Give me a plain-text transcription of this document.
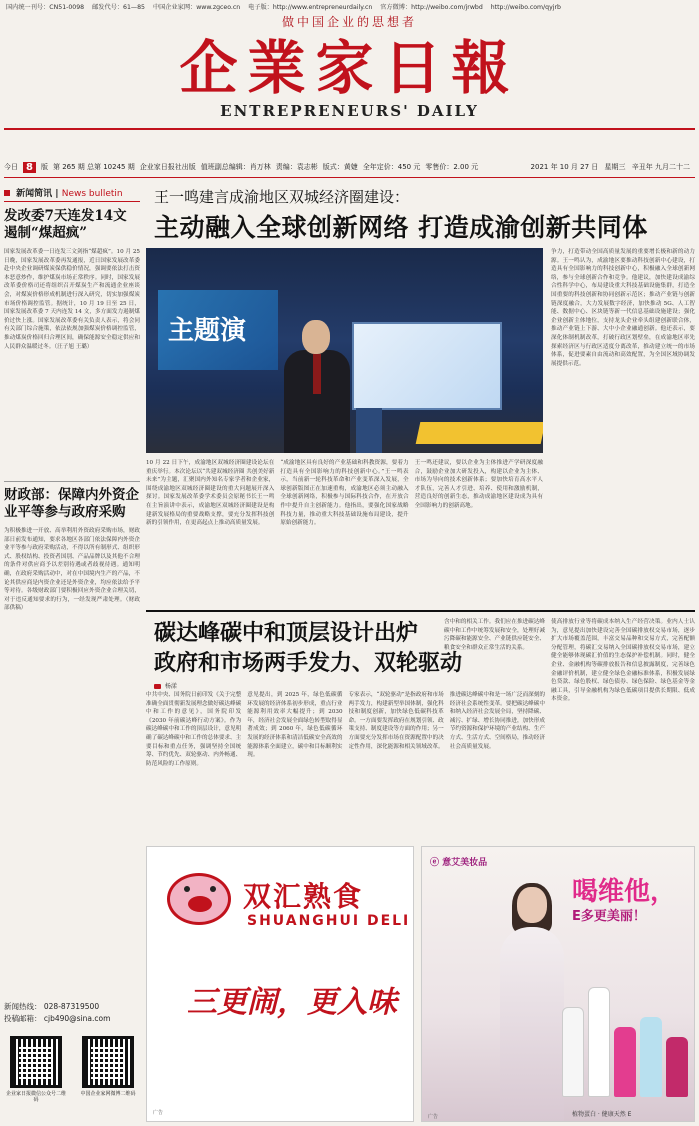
国内统一刊号：CN51-0098 邮发代号：61—85 中国企业家网：www.zgceo.cn 电子版：http://www.entrepreneurdaily.cn 官方微博：http://weibo.com/jrwbd http://weibo.com/qyjrb
做中国企业的思想者
企業家日報
ENTREPRENEURS' DAILY
今日 8	版 第 265 期 总第 10245 期 企业家日报社出版 值班副总编辑：肖万林 责编：袁志彬 版式：黄婕 全年定价：450 元 零售价：2.00 元	2021 年 10 月 27 日 星期三 辛丑年 九月二十二
新闻简讯 | News bulletin
发改委7天连发14文遏制“煤超疯”
国家发展改革委一日连发三文剑指“煤超疯”。10 月 25 日晚，国家发展改革委再发通报，近日国家发展改革委赴中央企业调研煤炭保供稳价情况，强调要依法打击资本恶意炒作，维护煤炭市场正常秩序。同时，国家发展改革委价格司还将组织召开煤炭生产和流通企业座谈会，对煤炭价格形成机制进行深入研究，切实加强煤炭市场价格调控监管。据统计，10 月 19 日至 25 日，国家发展改革委 7 天内连发 14 文，多方面发力遏制煤价过快上涨。国家发展改革委有关负责人表示，将会同有关部门综合施策，依法依规加强煤炭价格调控监管，推动煤炭价格回归合理区间，确保能源安全稳定供应和人民群众温暖过冬。（汪子旭 王璐）
财政部：保障内外资企业平等参与政府采购
为积极推进一开放、高举利用外资政府采购市场，财政部日前发布通知，要求各地区各部门依法保障内外资企业平等参与政府采购活动，不得以所有制形式、组织形式、股权结构、投资者国别、产品品牌以及其他不合理的条件对供应商予以差别待遇或者歧视待遇。通知明确，在政府采购活动中，对在中国境内生产的产品，不论其供应商是内资企业还是外资企业，均应依法给予平等对待。各级财政部门要积极回应外资企业合理关切，对于违反通知要求的行为，一经发现严肃处理。（财政部供稿）
新闻热线： 028-87319500
投稿邮箱： cjb490@sina.com
企业家日报微信公众号二维码
中国企业家网微博二维码
王一鸣建言成渝地区双城经济圈建设：
主动融入全球创新网络 打造成渝创新共同体
主题演
争力，打造带动全国高质量发展的重要增长极和新的动力源。王一鸣认为，成渝地区要推动科技创新中心建设，打造具有全国影响力的科技创新中心，积极融入全球创新网络，参与全球创新合作和竞争。他建议，加快建设成渝综合性科学中心，布局建设重大科技基础设施集群，打造全国重要的科技创新和协同创新示范区；推动产业链与创新链深度融合，大力发展数字经济，加快推动 5G、人工智能、数据中心、区块链等新一代信息基础设施建设；强化企业创新主体地位，支持龙头企业牵头组建创新联合体，推动产业链上下游、大中小企业融通创新。他还表示，要深化体制机制改革，打破行政区划壁垒，在成渝地区率先探索经济区与行政区适度分离改革，推动建立统一的市场体系，促进要素自由流动和高效配置，为全国区域协调发展提供示范。
10 月 22 日下午，成渝地区双城经济圈建设论坛在重庆举行。本次论坛以“共建双城经济圈 共创美好新未来”为主题，汇聚国内外知名专家学者和企业家，围绕成渝地区双城经济圈建设的重大问题展开深入探讨。国家发展改革委学术委员会原秘书长王一鸣在主旨演讲中表示，成渝地区双城经济圈建设是构建新发展格局的重要战略支撑，要充分发挥科技创新的引领作用，在更高起点上推动高质量发展。
“成渝地区具有良好的产业基础和科教资源，要着力打造具有全国影响力的科技创新中心。”王一鸣表示，当前新一轮科技革命和产业变革深入发展，全球创新版图正在加速重构，成渝地区必须主动融入全球创新网络，积极参与国际科技合作，在开放合作中提升自主创新能力。他指出，要强化国家战略科技力量，推动重大科技基础设施布局建设，提升原始创新能力。
王一鸣还建议，要以企业为主体推进产学研深度融合，鼓励企业加大研发投入，构建以企业为主体、市场为导向的技术创新体系；要加快培育高水平人才队伍，完善人才引进、培养、使用和激励机制，营造良好的创新生态，推动成渝地区建设成为具有全国影响力的创新高地。
碳达峰碳中和顶层设计出炉
政府和市场两手发力、双轮驱动
杨漾
含中和的相关工作。我们应在推进碳达峰碳中和工作中统筹发展和安全，处理好减污降碳和能源安全、产业链供应链安全、粮食安全和群众正常生活的关系。
使高排放行业等将碳成本纳入生产经营决策。业内人士认为，意见提出加快建设完善全国碳排放权交易市场，逐步扩大市场覆盖范围，丰富交易品种和交易方式，完善配额分配管理，将碳汇交易纳入全国碳排放权交易市场，建立健全能够体现碳汇价值的生态保护补偿机制。同时，健全企业、金融机构等碳排放报告和信息披露制度，完善绿色金融评价机制，建立健全绿色金融标准体系，积极发展绿色贷款、绿色股权、绿色债券、绿色保险、绿色基金等金融工具，引导金融机构为绿色低碳项目提供长期限、低成本资金。
中共中央、国务院日前印发《关于完整准确全面贯彻新发展理念做好碳达峰碳中和工作的意见》，国务院印发《2030 年前碳达峰行动方案》。作为碳达峰碳中和工作的顶层设计，意见明确了碳达峰碳中和工作的总体要求、主要目标和重点任务，强调坚持全国统筹、节约优先、双轮驱动、内外畅通、防范风险的工作原则。
意见提出，到 2025 年，绿色低碳循环发展的经济体系初步形成，重点行业能源利用效率大幅提升；到 2030 年，经济社会发展全面绿色转型取得显著成效；到 2060 年，绿色低碳循环发展的经济体系和清洁低碳安全高效的能源体系全面建立，碳中和目标顺利实现。
专家表示，“双轮驱动”是指政府和市场两手发力，构建新型举国体制，强化科技和制度创新，加快绿色低碳科技革命。一方面要发挥政府在规划引领、政策支持、制度建设等方面的作用；另一方面要充分发挥市场在资源配置中的决定性作用，深化能源和相关领域改革。
推进碳达峰碳中和是一场广泛而深刻的经济社会系统性变革。要把碳达峰碳中和纳入经济社会发展全局，坚持降碳、减污、扩绿、增长协同推进，加快形成节约资源和保护环境的产业结构、生产方式、生活方式、空间格局，推动经济社会高质量发展。
双汇熟食
SHUANGHUI DELI
三更闹，更入味
广告
ⓔ 意艾美妆品
喝维他，
E多更美丽！
植物蛋白 · 健康天然 E
广告
